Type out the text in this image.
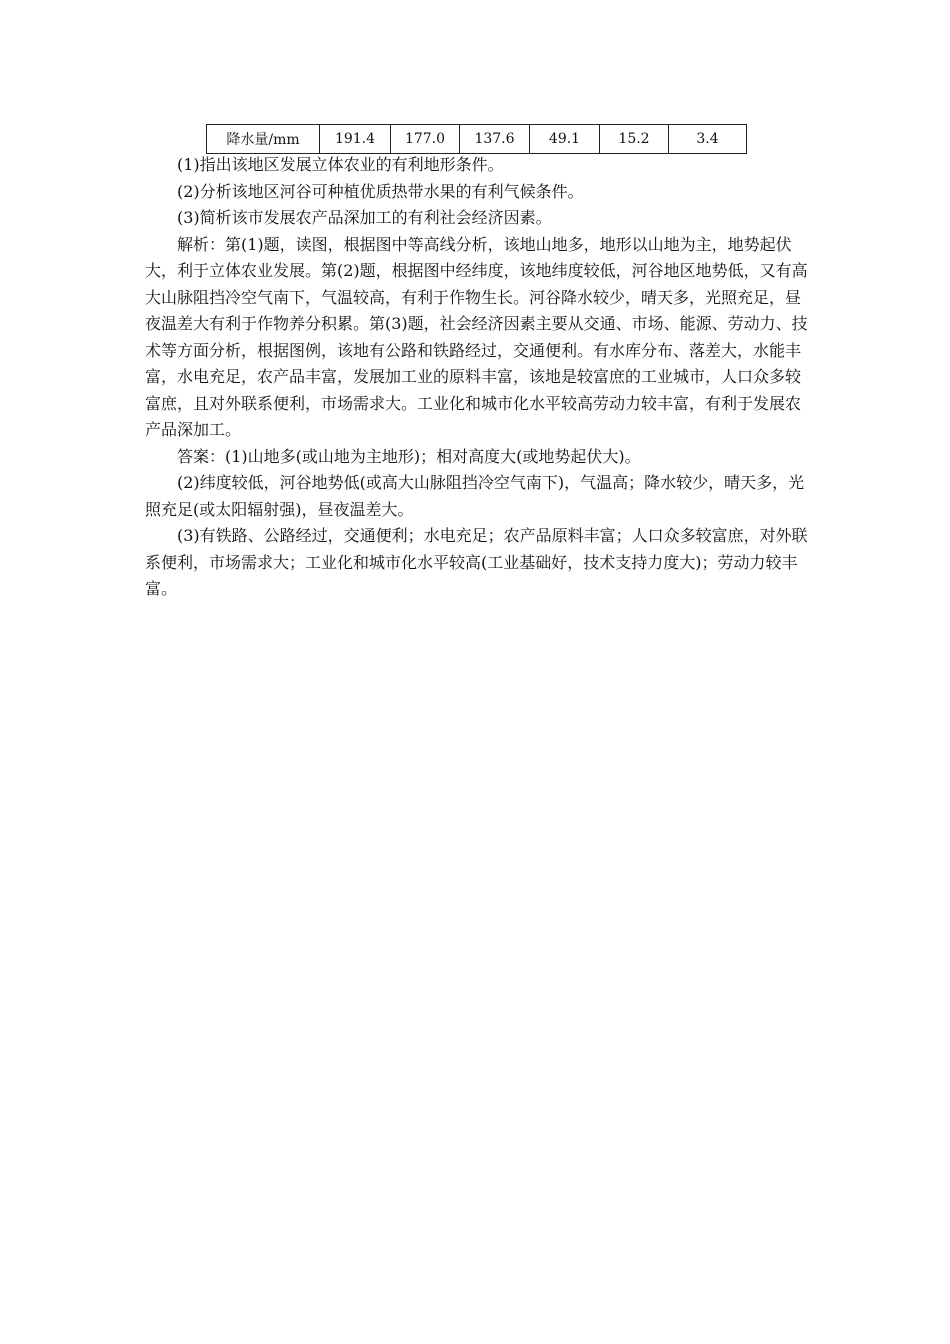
降水量/mm	191.4	177.0	137.6	49.1	15.2	3.4

(1)指出该地区发展立体农业的有利地形条件。

(2)分析该地区河谷可种植优质热带水果的有利气候条件。

(3)简析该市发展农产品深加工的有利社会经济因素。

解析：第(1)题，读图，根据图中等高线分析，该地山地多，地形以山地为主，地势起伏大，利于立体农业发展。第(2)题，根据图中经纬度，该地纬度较低，河谷地区地势低，又有高大山脉阻挡冷空气南下，气温较高，有利于作物生长。河谷降水较少，晴天多，光照充足，昼夜温差大有利于作物养分积累。第(3)题，社会经济因素主要从交通、市场、能源、劳动力、技术等方面分析，根据图例，该地有公路和铁路经过，交通便利。有水库分布、落差大，水能丰富，水电充足，农产品丰富，发展加工业的原料丰富，该地是较富庶的工业城市，人口众多较富庶，且对外联系便利，市场需求大。工业化和城市化水平较高劳动力较丰富，有利于发展农产品深加工。

答案：(1)山地多(或山地为主地形)；相对高度大(或地势起伏大)。

(2)纬度较低，河谷地势低(或高大山脉阻挡冷空气南下)，气温高；降水较少，晴天多，光照充足(或太阳辐射强)，昼夜温差大。

(3)有铁路、公路经过，交通便利；水电充足；农产品原料丰富；人口众多较富庶，对外联系便利，市场需求大；工业化和城市化水平较高(工业基础好，技术支持力度大)；劳动力较丰富。
